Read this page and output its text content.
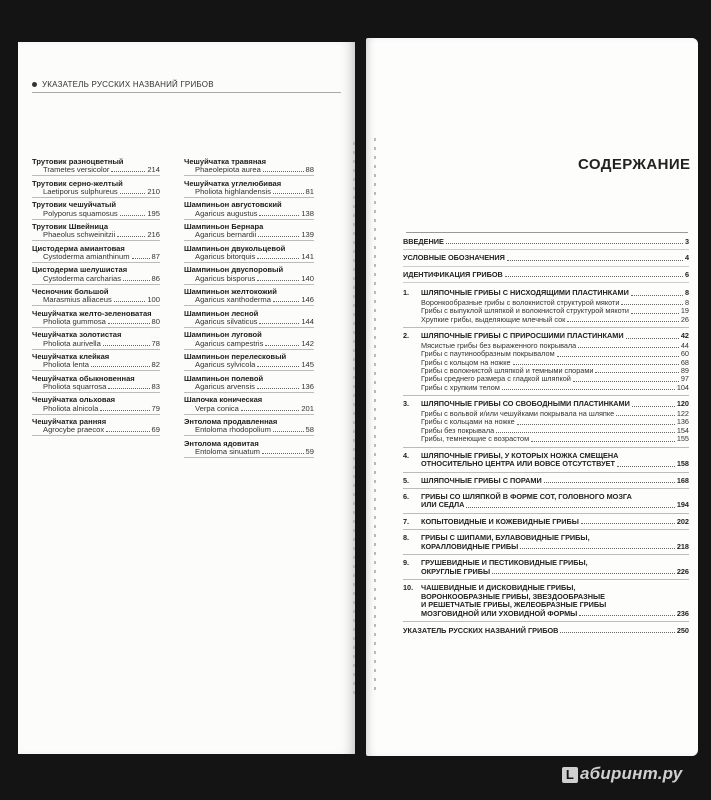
УКАЗАТЕЛЬ РУССКИХ НАЗВАНИЙ ГРИБОВ
Трутовик разноцветный
Trametes versicolor	214
Трутовик серно-желтый
Laetiporus sulphureus	210
Трутовик чешуйчатый
Polyporus squamosus	195
Трутовик Швейница
Phaeolus schweinitzii	216
Цистодерма амиантовая
Cystoderma amianthinum	87
Цистодерма шелушистая
Cystoderma carcharias	86
Чесночник большой
Marasmius alliaceus	100
Чешуйчатка желто-зеленоватая
Pholiota gummosa	80
Чешуйчатка золотистая
Pholiota aurivella	78
Чешуйчатка клейкая
Pholiota lenta	82
Чешуйчатка обыкновенная
Pholiota squarrosa	83
Чешуйчатка ольховая
Pholiota alnicola	79
Чешуйчатка ранняя
Agrocybe praecox	69
Чешуйчатка травяная
Phaeolepiota aurea	88
Чешуйчатка углелюбивая
Pholiota highlandensis	81
Шампиньон августовский
Agaricus augustus	138
Шампиньон Бернара
Agaricus bernardii	139
Шампиньон двукольцевой
Agaricus bitorquis	141
Шампиньон двуспоровый
Agaricus bisporus	140
Шампиньон желтокожий
Agaricus xanthoderma	146
Шампиньон лесной
Agaricus silvaticus	144
Шампиньон луговой
Agaricus campestris	142
Шампиньон перелесковый
Agaricus sylvicola	145
Шампиньон полевой
Agaricus arvensis	136
Шапочка коническая
Verpa conica	201
Энтолома продавленная
Entoloma rhodopolium	58
Энтолома ядовитая
Entoloma sinuatum	59
СОДЕРЖАНИЕ
ВВЕДЕНИЕ	3
УСЛОВНЫЕ ОБОЗНАЧЕНИЯ	4
ИДЕНТИФИКАЦИЯ ГРИБОВ	6
1.	ШЛЯПОЧНЫЕ ГРИБЫ С НИСХОДЯЩИМИ ПЛАСТИНКАМИ	8
Воронкообразные грибы с волокнистой структурой мякоти	8
Грибы с выпуклой шляпкой и волокнистой структурой мякоти	19
Хрупкие грибы, выделяющие млечный сок	26
2.	ШЛЯПОЧНЫЕ ГРИБЫ С ПРИРОСШИМИ ПЛАСТИНКАМИ	42
Мясистые грибы без выраженного покрывала	44
Грибы с паутинообразным покрывалом	60
Грибы с кольцом на ножке	68
Грибы с волокнистой шляпкой и темными спорами	89
Грибы среднего размера с гладкой шляпкой	97
Грибы с хрупким телом	104
3.	ШЛЯПОЧНЫЕ ГРИБЫ СО СВОБОДНЫМИ ПЛАСТИНКАМИ	120
Грибы с вольвой и/или чешуйками покрывала на шляпке	122
Грибы с кольцами на ножке	136
Грибы без покрывала	154
Грибы, темнеющие с возрастом	155
4.	ШЛЯПОЧНЫЕ ГРИБЫ, У КОТОРЫХ НОЖКА СМЕЩЕНА
ОТНОСИТЕЛЬНО ЦЕНТРА ИЛИ ВОВСЕ ОТСУТСТВУЕТ	158
5.	ШЛЯПОЧНЫЕ ГРИБЫ С ПОРАМИ	168
6.	ГРИБЫ СО ШЛЯПКОЙ В ФОРМЕ СОТ, ГОЛОВНОГО МОЗГА
ИЛИ СЕДЛА	194
7.	КОПЫТОВИДНЫЕ И КОЖЕВИДНЫЕ ГРИБЫ	202
8.	ГРИБЫ С ШИПАМИ, БУЛАВОВИДНЫЕ ГРИБЫ,
КОРАЛЛОВИДНЫЕ ГРИБЫ	218
9.	ГРУШЕВИДНЫЕ И ПЕСТИКОВИДНЫЕ ГРИБЫ,
ОКРУГЛЫЕ ГРИБЫ	226
10.	ЧАШЕВИДНЫЕ И ДИСКОВИДНЫЕ ГРИБЫ,
ВОРОНКООБРАЗНЫЕ ГРИБЫ, ЗВЕЗДООБРАЗНЫЕ
И РЕШЕТЧАТЫЕ ГРИБЫ, ЖЕЛЕОБРАЗНЫЕ ГРИБЫ
МОЗГОВИДНОЙ ИЛИ УХОВИДНОЙ ФОРМЫ	236
УКАЗАТЕЛЬ РУССКИХ НАЗВАНИЙ ГРИБОВ	250
L абиринт.ру
